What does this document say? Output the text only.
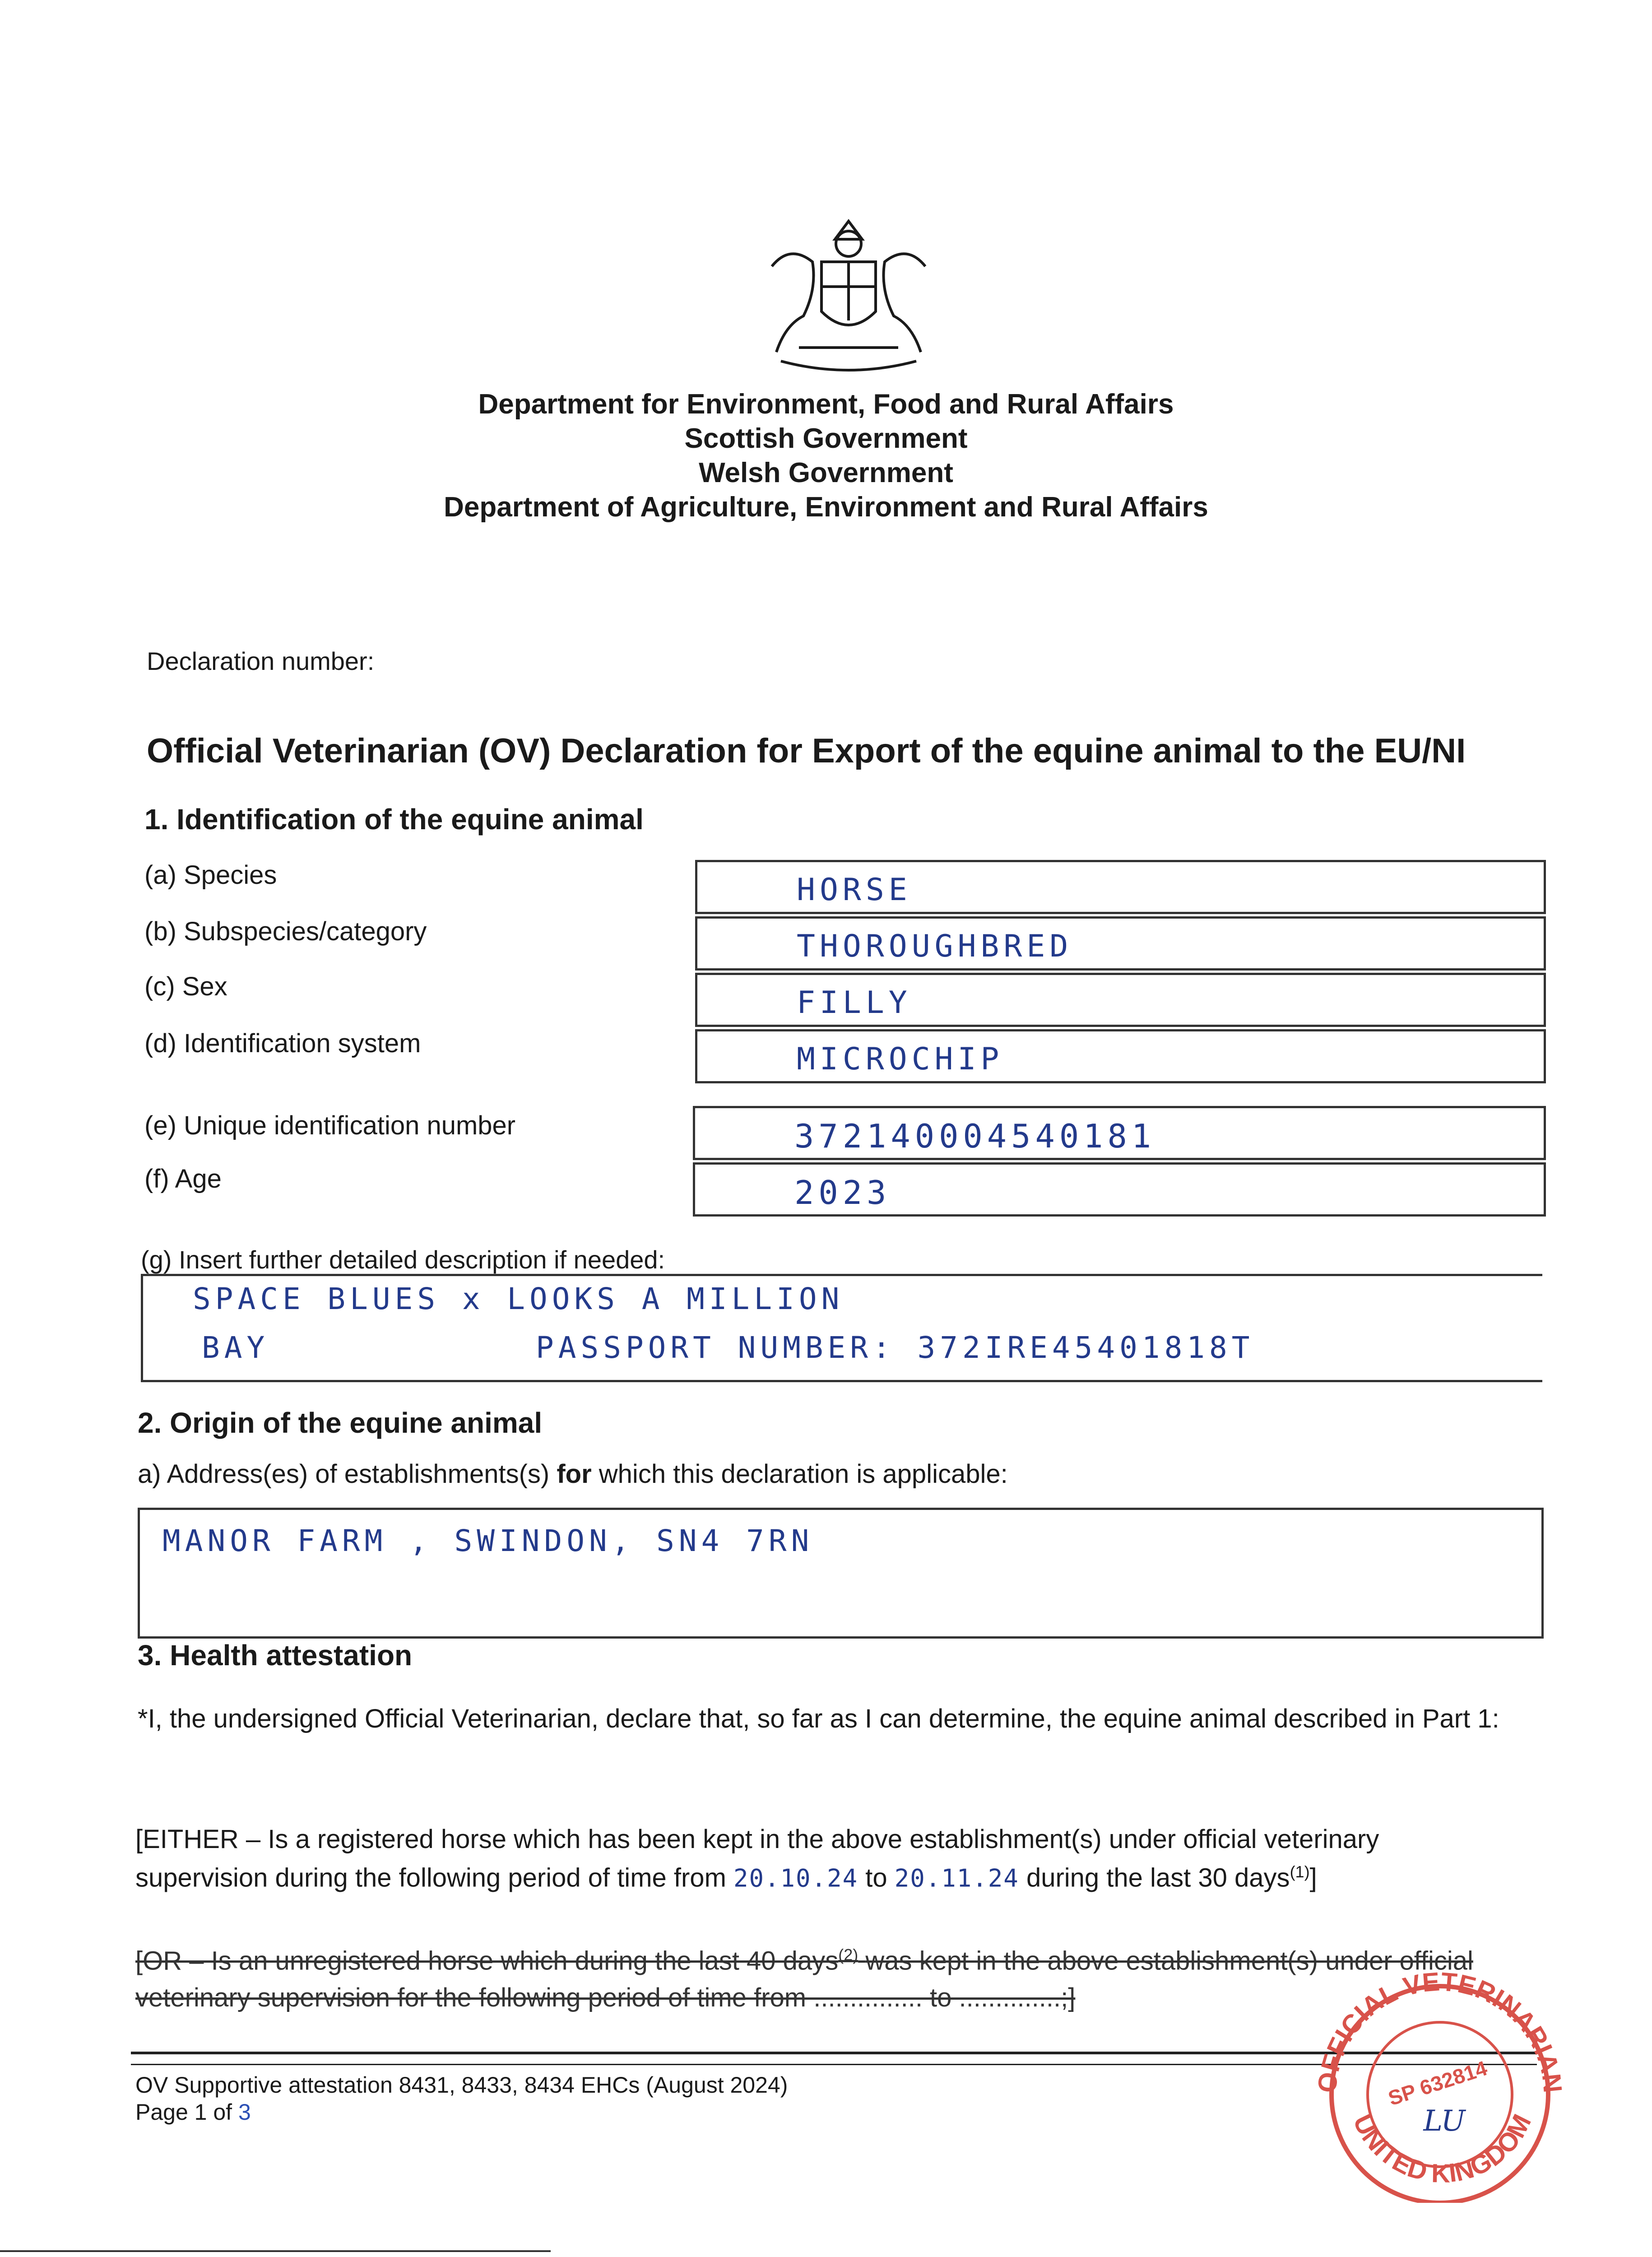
Department for Environment, Food and Rural Affairs
Scottish Government
Welsh Government
Department of Agriculture, Environment and Rural Affairs
Declaration number:
Official Veterinarian (OV) Declaration for Export of the equine animal to the EU/NI
1. Identification of the equine animal
(a) Species	HORSE
(b) Subspecies/category	THOROUGHBRED
(c) Sex	FILLY
(d) Identification system	MICROCHIP
(e) Unique identification number	372140004540181
(f) Age	2023
(g) Insert further detailed description if needed:
SPACE BLUES x LOOKS A MILLION
BAY	PASSPORT NUMBER: 372IRE45401818T
2. Origin of the equine animal
a) Address(es) of establishments(s) for which this declaration is applicable:
MANOR FARM , SWINDON, SN4 7RN
3. Health attestation
*I, the undersigned Official Veterinarian, declare that, so far as I can determine, the equine animal described in Part 1:
[EITHER – Is a registered horse which has been kept in the above establishment(s) under official veterinary
supervision during the following period of time from 20.10.24 to 20.11.24 during the last 30 days$^{(1)}$]
[OR – Is an unregistered horse which during the last 40 days$^{(2)}$ was kept in the above establishment(s) under official
veterinary supervision for the following period of time from ............... to ..............;]
OV Supportive attestation 8431, 8433, 8434 EHCs (August 2024)
Page 1 of 3
OFFICIAL VETERINARIAN
UNITED KINGDOM
SP 632814
LU
